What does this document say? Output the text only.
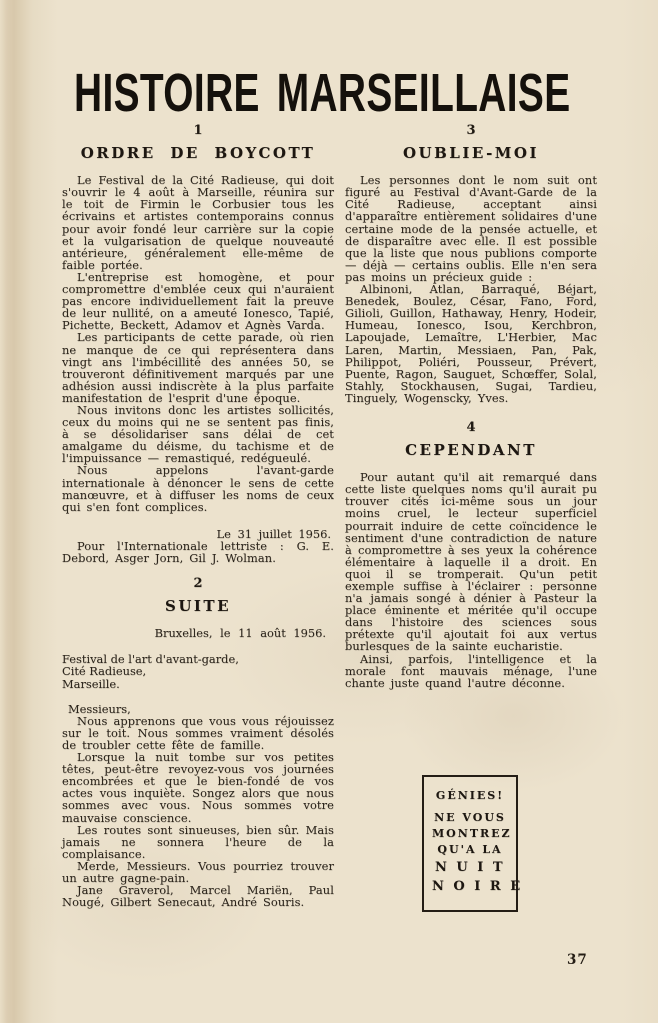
HISTOIRE MARSEILLAISE
1
ORDRE DE BOYCOTT

Le Festival de la Cité Radieuse, qui doit s'ouvrir le 4 août à Marseille, réunira sur le toit de Firmin le Corbusier tous les écrivains et artistes contemporains connus pour avoir fondé leur carrière sur la copie et la vulgarisation de quelque nouveauté antérieure, généralement elle-même de faible portée.

L'entreprise est homogène, et pour compromettre d'emblée ceux qui n'auraient pas encore individuellement fait la preuve de leur nullité, on a ameuté Ionesco, Tapié, Pichette, Beckett, Adamov et Agnès Varda.

Les participants de cette parade, où rien ne manque de ce qui représentera dans vingt ans l'imbécillité des années 50, se trouveront définitivement marqués par une adhésion aussi indiscrète à la plus parfaite manifestation de l'esprit d'une époque.

Nous invitons donc les artistes sollicités, ceux du moins qui ne se sentent pas finis, à se désolidariser sans délai de cet amalgame du déisme, du tachisme et de l'impuissance — remastiqué, redégueulé.

Nous appelons l'avant-garde internationale à dénoncer le sens de cette manœuvre, et à diffuser les noms de ceux qui s'en font complices.

Le 31 juillet 1956.

Pour l'Internationale lettriste : G. E. Debord, Asger Jorn, Gil J. Wolman.

2
SUITE

Bruxelles, le 11 août 1956.

Festival de l'art d'avant-garde,

Cité Radieuse,

Marseille.

Messieurs,

Nous apprenons que vous vous réjouissez sur le toit. Nous sommes vraiment désolés de troubler cette fête de famille.

Lorsque la nuit tombe sur vos petites têtes, peut-être revoyez-vous vos journées encombrées et que le bien-fondé de vos actes vous inquiète. Songez alors que nous sommes avec vous. Nous sommes votre mauvaise conscience.

Les routes sont sinueuses, bien sûr. Mais jamais ne sonnera l'heure de la complaisance.

Merde, Messieurs. Vous pourriez trouver un autre gagne-pain.

Jane Graverol, Marcel Mariën, Paul Nougé, Gilbert Senecaut, André Souris.

3
OUBLIE-MOI

Les personnes dont le nom suit ont figuré au Festival d'Avant-Garde de la Cité Radieuse, acceptant ainsi d'apparaître entièrement solidaires d'une certaine mode de la pensée actuelle, et de disparaître avec elle. Il est possible que la liste que nous publions comporte — déjà — certains oublis. Elle n'en sera pas moins un précieux guide :

Albinoni, Atlan, Barraqué, Béjart, Benedek, Boulez, César, Fano, Ford, Gilioli, Guillon, Hathaway, Henry, Hodeir, Humeau, Ionesco, Isou, Kerchbron, Lapoujade, Lemaître, L'Herbier, Mac Laren, Martin, Messiaen, Pan, Pak, Philippot, Poliéri, Pousseur, Prévert, Puente, Ragon, Sauguet, Schœffer, Solal, Stahly, Stockhausen, Sugai, Tardieu, Tinguely, Wogenscky, Yves.

4
CEPENDANT

Pour autant qu'il ait remarqué dans cette liste quelques noms qu'il aurait pu trouver cités ici-même sous un jour moins cruel, le lecteur superficiel pourrait induire de cette coïncidence le sentiment d'une contradiction de nature à compromettre à ses yeux la cohérence élémentaire à laquelle il a droit. En quoi il se tromperait. Qu'un petit exemple suffise à l'éclairer : personne n'a jamais songé à dénier à Pasteur la place éminente et méritée qu'il occupe dans l'histoire des sciences sous prétexte qu'il ajoutait foi aux vertus burlesques de la sainte eucharistie.

Ainsi, parfois, l'intelligence et la morale font mauvais ménage, l'une chante juste quand l'autre déconne.

GÉNIES!
NE VOUS
MONTREZ
QU'A LA
N U I T
N O I R E
37
